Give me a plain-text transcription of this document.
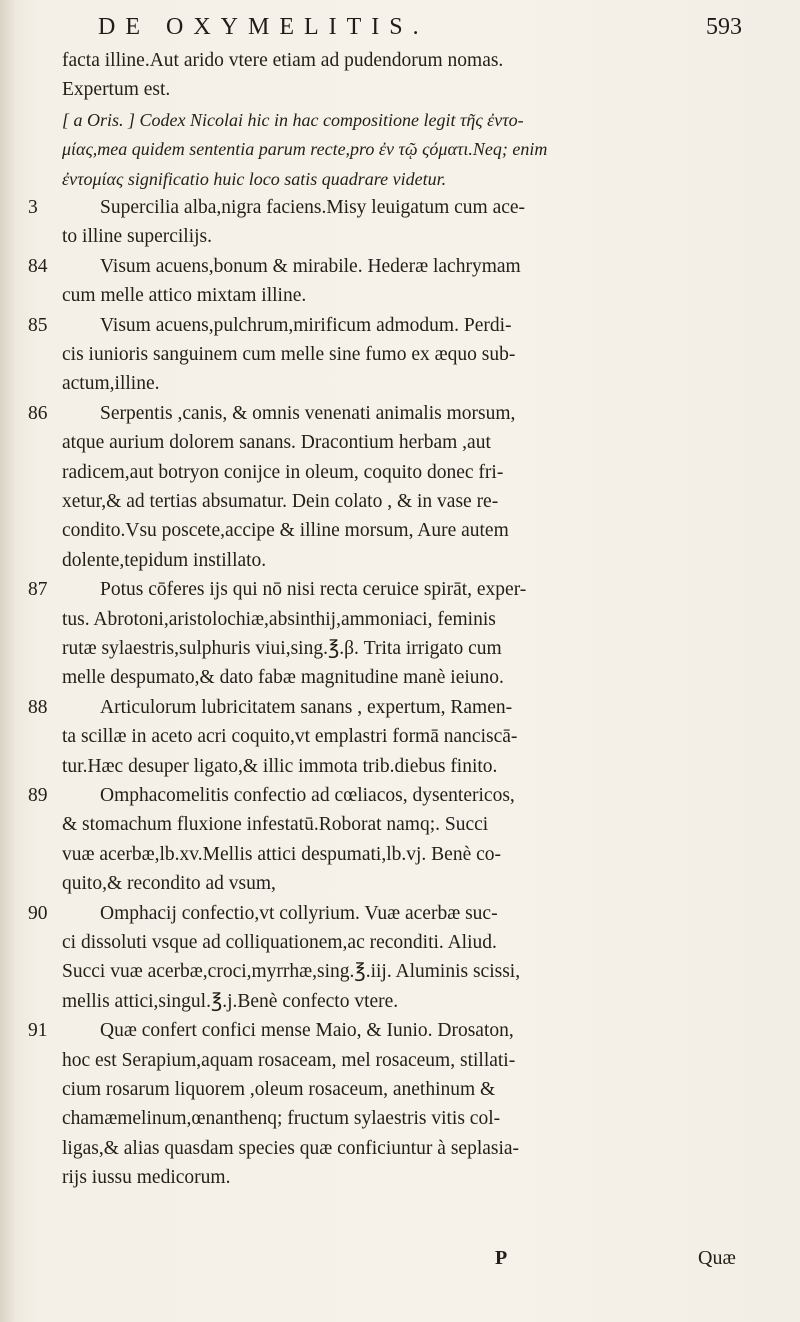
DE OXYMELITIS.	593
facta illine.Aut arido vtere etiam ad pudendorum nomas.
Expertum est.
[ a Oris. ] Codex Nicolai hic in hac compositione legit τῆς ἐντο-
μίας,mea quidem sententia parum recte,pro ἐν τῷ ςόματι.Neq; enim
ἐντομίας significatio huic loco satis quadrare videtur.
3	Supercilia alba,nigra faciens.Misy leuigatum cum ace-
to illine supercilijs.
84	Visum acuens,bonum & mirabile. Hederæ lachrymam
cum melle attico mixtam illine.
85	Visum acuens,pulchrum,mirificum admodum. Perdi-
cis iunioris sanguinem cum melle sine fumo ex æquo sub-
actum,illine.
86	Serpentis ,canis, & omnis venenati animalis morsum,
atque aurium dolorem sanans. Dracontium herbam ,aut
radicem,aut botryon conijce in oleum, coquito donec fri-
xetur,& ad tertias absumatur. Dein colato , & in vase re-
condito.Vsu poscete,accipe & illine morsum, Aure autem
dolente,tepidum instillato.
87	Potus cōferes ijs qui nō nisi recta ceruice spirāt, exper-
tus. Abrotoni,aristolochiæ,absinthij,ammoniaci, feminis
rutæ sylaestris,sulphuris viui,sing.℥.β. Trita irrigato cum
melle despumato,& dato fabæ magnitudine manè ieiuno.
88	Articulorum lubricitatem sanans , expertum, Ramen-
ta scillæ in aceto acri coquito,vt emplastri formā nanciscā-
tur.Hæc desuper ligato,& illic immota trib.diebus finito.
89	Omphacomelitis confectio ad cœliacos, dysentericos,
& stomachum fluxione infestatū.Roborat namq;. Succi
vuæ acerbæ,lb.xv.Mellis attici despumati,lb.vj. Benè co-
quito,& recondito ad vsum,
90	Omphacij confectio,vt collyrium. Vuæ acerbæ suc-
ci dissoluti vsque ad colliquationem,ac reconditi. Aliud.
Succi vuæ acerbæ,croci,myrrhæ,sing.℥.iij. Aluminis scissi,
mellis attici,singul.℥.j.Benè confecto vtere.
91	Quæ confert confici mense Maio, & Iunio. Drosaton,
hoc est Serapium,aquam rosaceam, mel rosaceum, stillati-
cium rosarum liquorem ,oleum rosaceum, anethinum &
chamæmelinum,œnanthenq; fructum sylaestris vitis col-
ligas,& alias quasdam species quæ conficiuntur à seplasia-
rijs iussu medicorum.
P	Quæ
